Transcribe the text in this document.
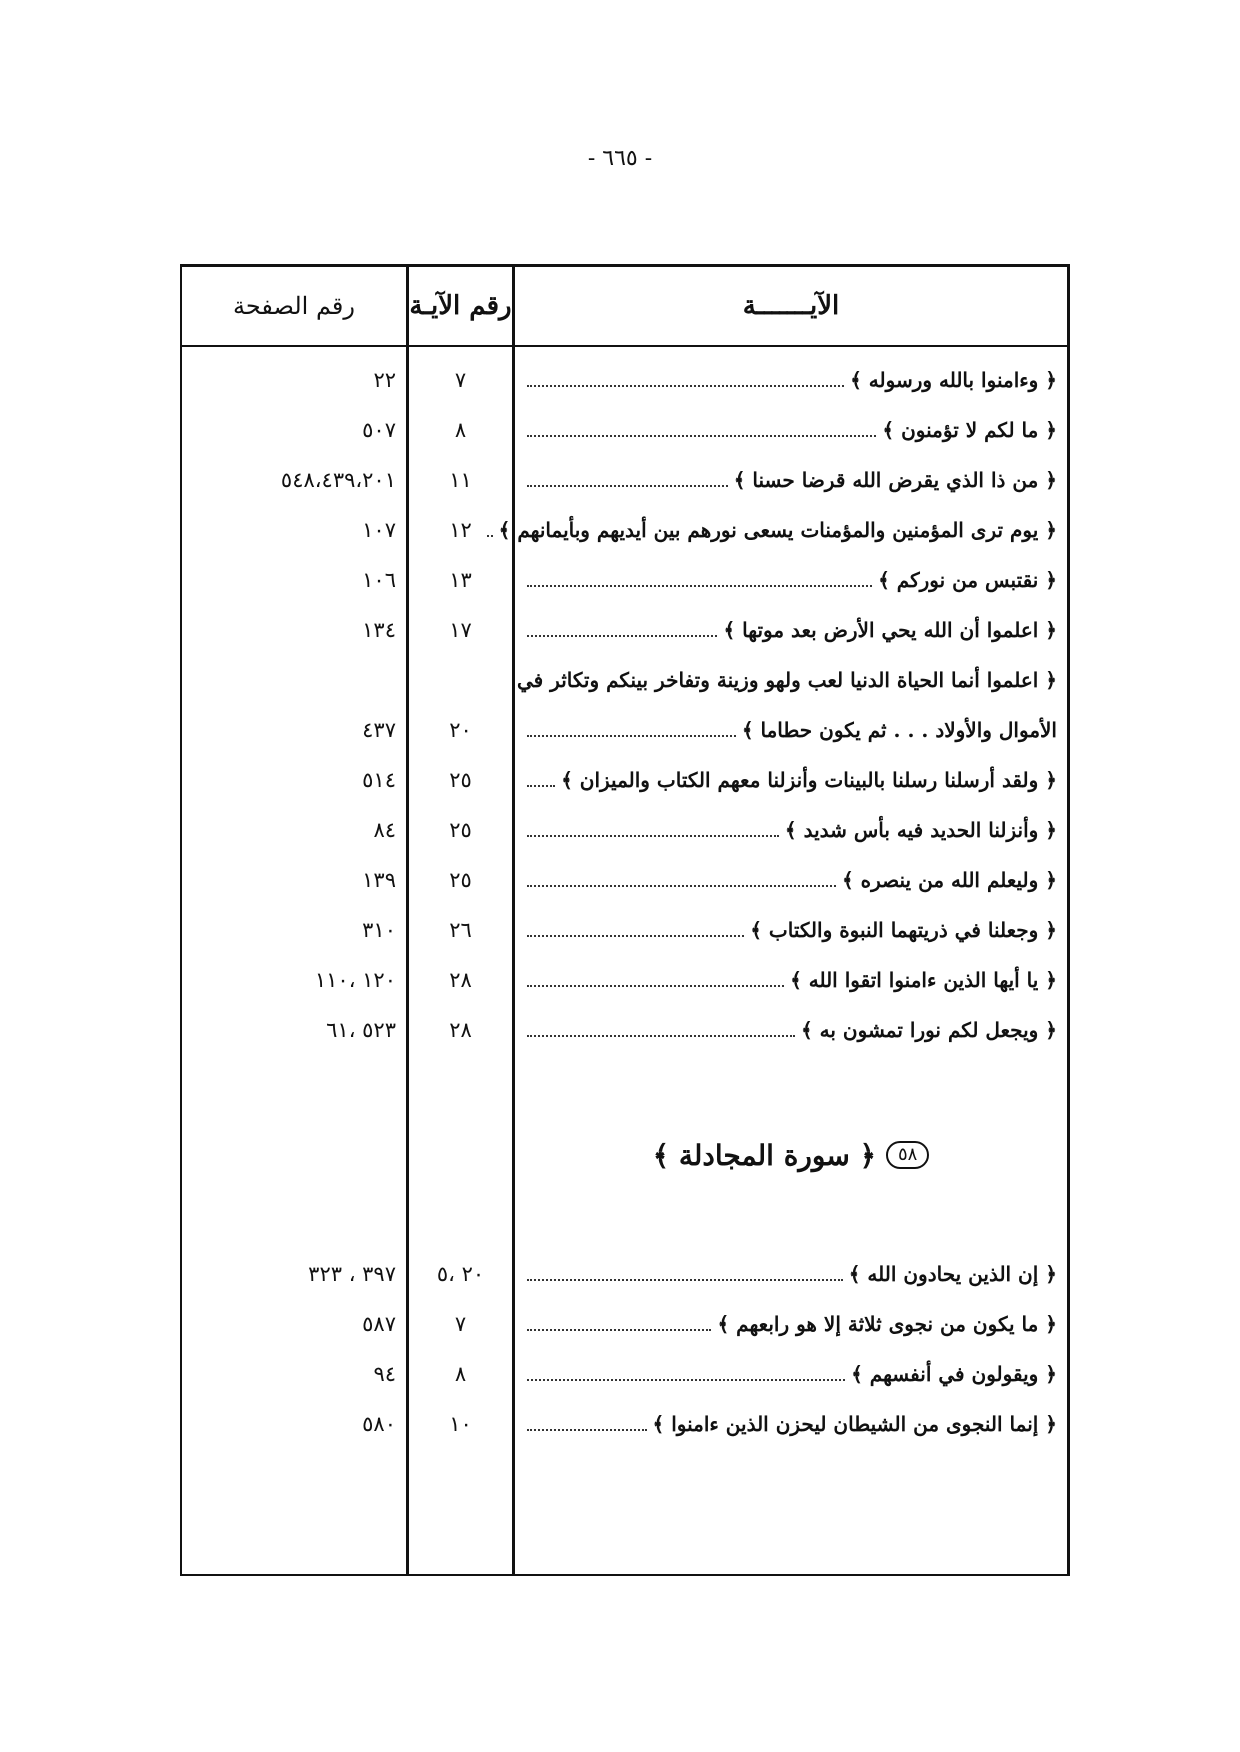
- ٦٦٥ -
الآيـــــــة
رقم الآيـة
رقم الصفحة
﴿ وءامنوا بالله ورسوله ﴾
٧
٢٢
﴿ ما لكم لا تؤمنون ﴾
٨
٥٠٧
﴿ من ذا الذي يقرض الله قرضا حسنا ﴾
١١
٥٤٨،٤٣٩،٢٠١
﴿ يوم ترى المؤمنين والمؤمنات يسعى نورهم بين أيديهم وبأيمانهم ﴾
١٢
١٠٧
﴿ نقتبس من نوركم ﴾
١٣
١٠٦
﴿ اعلموا أن الله يحي الأرض بعد موتها ﴾
١٧
١٣٤
﴿ اعلموا أنما الحياة الدنيا لعب ولهو وزينة وتفاخر بينكم وتكاثر في
الأموال والأولاد . . . ثم يكون حطاما ﴾
٢٠
٤٣٧
﴿ ولقد أرسلنا رسلنا بالبينات وأنزلنا معهم الكتاب والميزان ﴾
٢٥
٥١٤
﴿ وأنزلنا الحديد فيه بأس شديد ﴾
٢٥
٨٤
﴿ وليعلم الله من ينصره ﴾
٢٥
١٣٩
﴿ وجعلنا في ذريتهما النبوة والكتاب ﴾
٢٦
٣١٠
﴿ يا أيها الذين ءامنوا اتقوا الله ﴾
٢٨
١٢٠ ،١١٠
﴿ ويجعل لكم نورا تمشون به ﴾
٢٨
٥٢٣ ،٦١
٥٨
﴿ سورة المجادلة ﴾
﴿ إن الذين يحادون الله ﴾
٢٠ ،٥
٣٩٧ ، ٣٢٣
﴿ ما يكون من نجوى ثلاثة إلا هو رابعهم ﴾
٧
٥٨٧
﴿ ويقولون في أنفسهم ﴾
٨
٩٤
﴿ إنما النجوى من الشيطان ليحزن الذين ءامنوا ﴾
١٠
٥٨٠
